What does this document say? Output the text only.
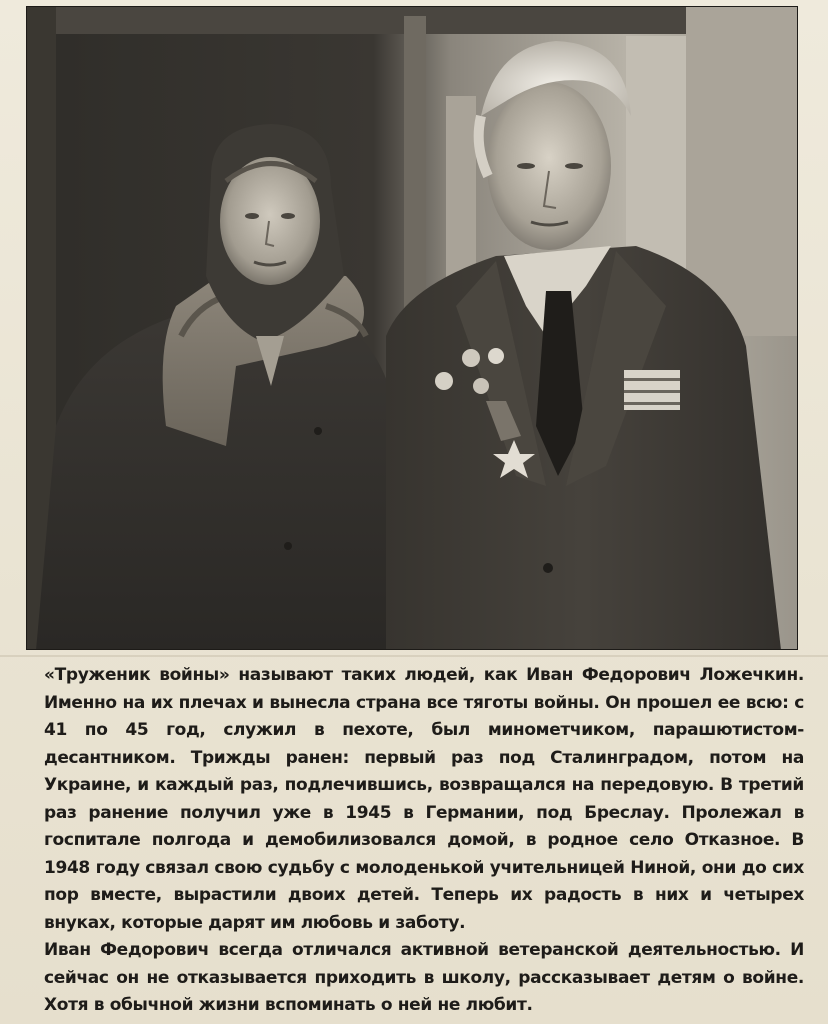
«Труженик войны» называют таких людей, как Иван Федорович Ложечкин. Именно на их плечах и вынесла страна все тяготы войны. Он прошел ее всю: с 41 по 45 год, служил в пехоте, был минометчиком, парашютистом-десантником. Трижды ранен: первый раз под Сталинградом, потом на Украине, и каждый раз, подлечившись, возвращался на передовую. В третий раз ранение получил уже в 1945 в Германии, под Бреслау. Пролежал в госпитале полгода и демобилизовался домой, в родное село Отказное. В 1948 году связал свою судьбу с молоденькой учительницей Ниной, они до сих пор вместе, вырастили двоих детей. Теперь их радость в них и четырех внуках, которые дарят им любовь и заботу.

Иван Федорович всегда отличался активной ветеранской деятельностью. И сейчас он не отказывается приходить в школу, рассказывает детям о войне. Хотя в обычной жизни вспоминать о ней не любит.
